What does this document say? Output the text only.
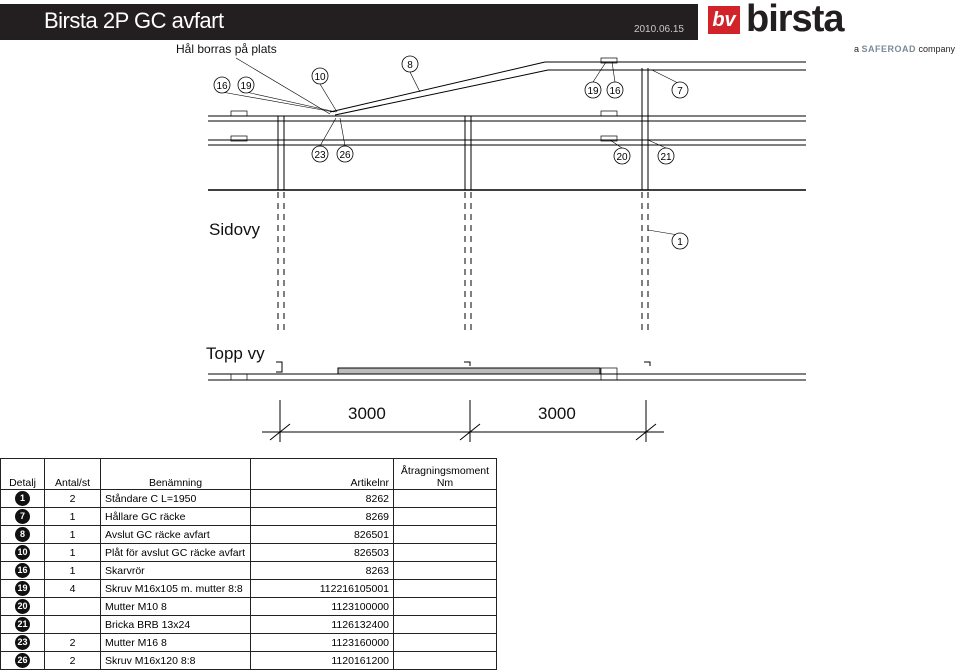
Birsta 2P GC avfart	2010.06.15 bv birsta
a SAFEROAD company
16 19
10
8
19 16	7
23 26	20	21
1
Hål borras på plats
Sidovy
Topp vy
3000	3000
Detalj	Antal/st	Benämning	Artikelnr	Åtragningsmoment
Nm

1	2	Ståndare C L=1950	8262	
7	1	Hållare GC räcke	8269	
8	1	Avslut GC räcke avfart	826501	
10	1	Plåt för avslut GC räcke avfart	826503	
16	1	Skarvrör	8263	
19	4	Skruv M16x105 m. mutter 8:8	112216105001	
20		Mutter M10 8	1123100000	
21		Bricka BRB 13x24	1126132400	
23	2	Mutter M16 8	1123160000	
26	2	Skruv M16x120 8:8	1120161200	
